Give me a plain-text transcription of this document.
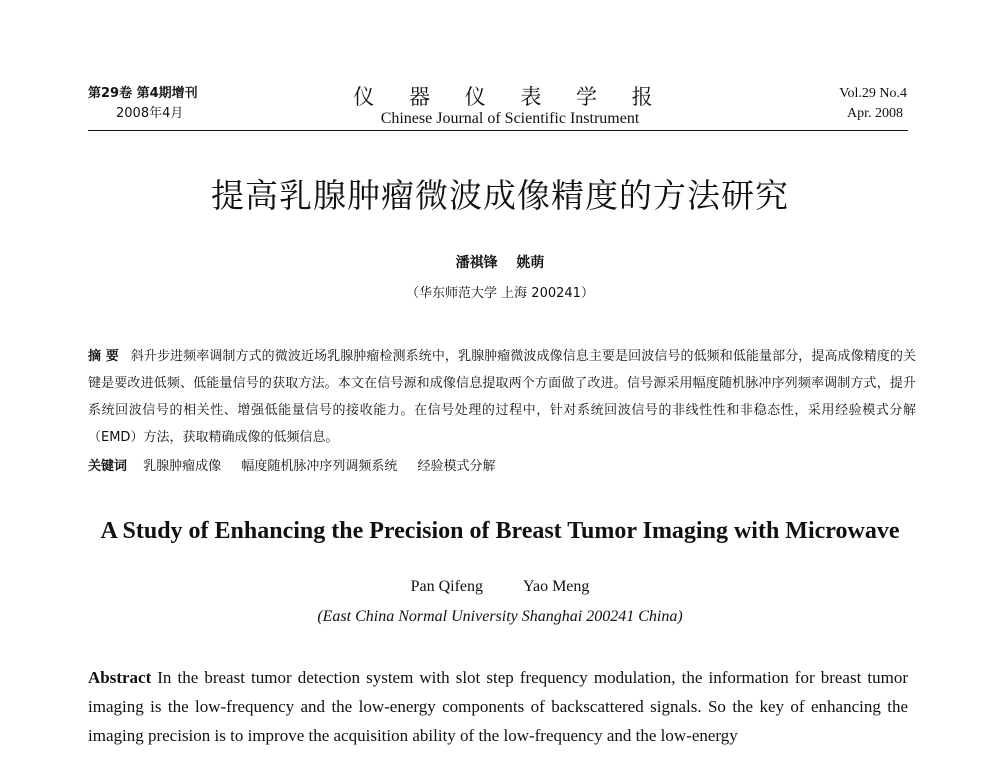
第29卷 第4期增刊
2008年4月
仪 器 仪 表 学 报
Chinese Journal of Scientific Instrument
Vol.29 No.4
Apr. 2008
提高乳腺肿瘤微波成像精度的方法研究
潘祺锋 姚萌
（华东师范大学 上海 200241）
摘 要 斜升步进频率调制方式的微波近场乳腺肿瘤检测系统中，乳腺肿瘤微波成像信息主要是回波信号的低频和低能量部分，提高成像精度的关键是要改进低频、低能量信号的获取方法。本文在信号源和成像信息提取两个方面做了改进。信号源采用幅度随机脉冲序列频率调制方式，提升系统回波信号的相关性、增强低能量信号的接收能力。在信号处理的过程中，针对系统回波信号的非线性性和非稳态性，采用经验模式分解（EMD）方法，获取精确成像的低频信息。
关键词 乳腺肿瘤成像 幅度随机脉冲序列调频系统 经验模式分解
A Study of Enhancing the Precision of Breast Tumor Imaging with Microwave
Pan Qifeng	Yao Meng
(East China Normal University Shanghai 200241 China)
Abstract In the breast tumor detection system with slot step frequency modulation, the information for breast tumor imaging is the low-frequency and the low-energy components of backscattered signals. So the key of enhancing the imaging precision is to improve the acquisition ability of the low-frequency and the low-energy
